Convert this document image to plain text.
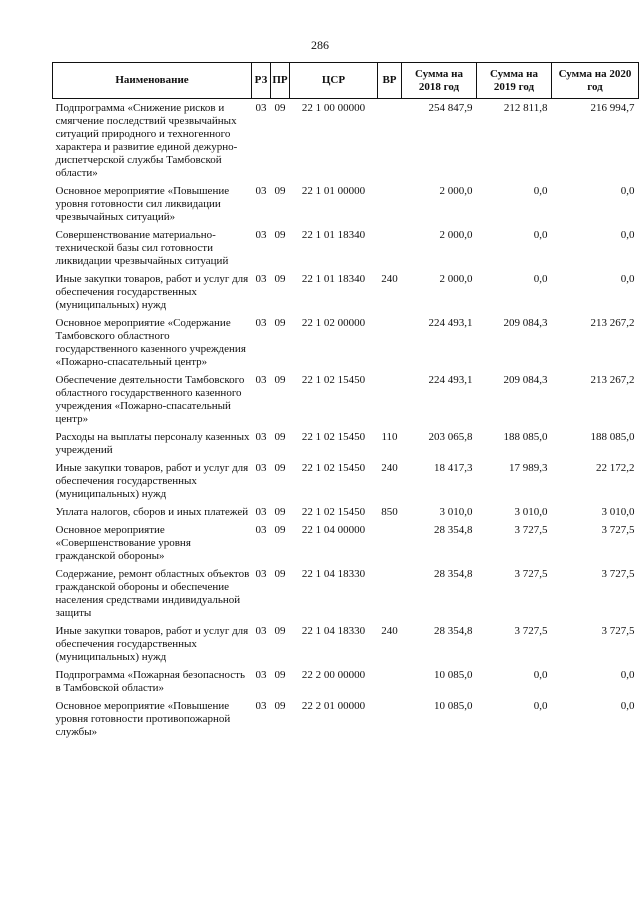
286
Наименование	РЗ	ПР	ЦСР	ВР	Сумма на 2018 год	Сумма на 2019 год	Сумма на 2020 год
Подпрограмма «Снижение рисков и смягчение последствий чрезвычайных ситуаций природного и техногенного характера и развитие единой дежурно-диспетчерской службы Тамбовской области»	03	09	22 1 00 00000		254 847,9	212 811,8	216 994,7
Основное мероприятие «Повышение уровня готовности сил ликвидации чрезвычайных ситуаций»	03	09	22 1 01 00000		2 000,0	0,0	0,0
Совершенствование материально-технической базы сил готовности ликвидации чрезвычайных ситуаций	03	09	22 1 01 18340		2 000,0	0,0	0,0
Иные закупки товаров, работ и услуг для обеспечения государственных (муниципальных) нужд	03	09	22 1 01 18340	240	2 000,0	0,0	0,0
Основное мероприятие «Содержание Тамбовского областного государственного казенного учреждения «Пожарно-спасательный центр»	03	09	22 1 02 00000		224 493,1	209 084,3	213 267,2
Обеспечение деятельности Тамбовского областного государственного казенного учреждения «Пожарно-спасательный центр»	03	09	22 1 02 15450		224 493,1	209 084,3	213 267,2
Расходы на выплаты персоналу казенных учреждений	03	09	22 1 02 15450	110	203 065,8	188 085,0	188 085,0
Иные закупки товаров, работ и услуг для обеспечения государственных (муниципальных) нужд	03	09	22 1 02 15450	240	18 417,3	17 989,3	22 172,2
Уплата налогов, сборов и иных платежей	03	09	22 1 02 15450	850	3 010,0	3 010,0	3 010,0
Основное мероприятие «Совершенствование уровня гражданской обороны»	03	09	22 1 04 00000		28 354,8	3 727,5	3 727,5
Содержание, ремонт областных объектов гражданской обороны и обеспечение населения средствами индивидуальной защиты	03	09	22 1 04 18330		28 354,8	3 727,5	3 727,5
Иные закупки товаров, работ и услуг для обеспечения государственных (муниципальных) нужд	03	09	22 1 04 18330	240	28 354,8	3 727,5	3 727,5
Подпрограмма «Пожарная безопасность в Тамбовской области»	03	09	22 2 00 00000		10 085,0	0,0	0,0
Основное мероприятие «Повышение уровня готовности противопожарной службы»	03	09	22 2 01 00000		10 085,0	0,0	0,0
